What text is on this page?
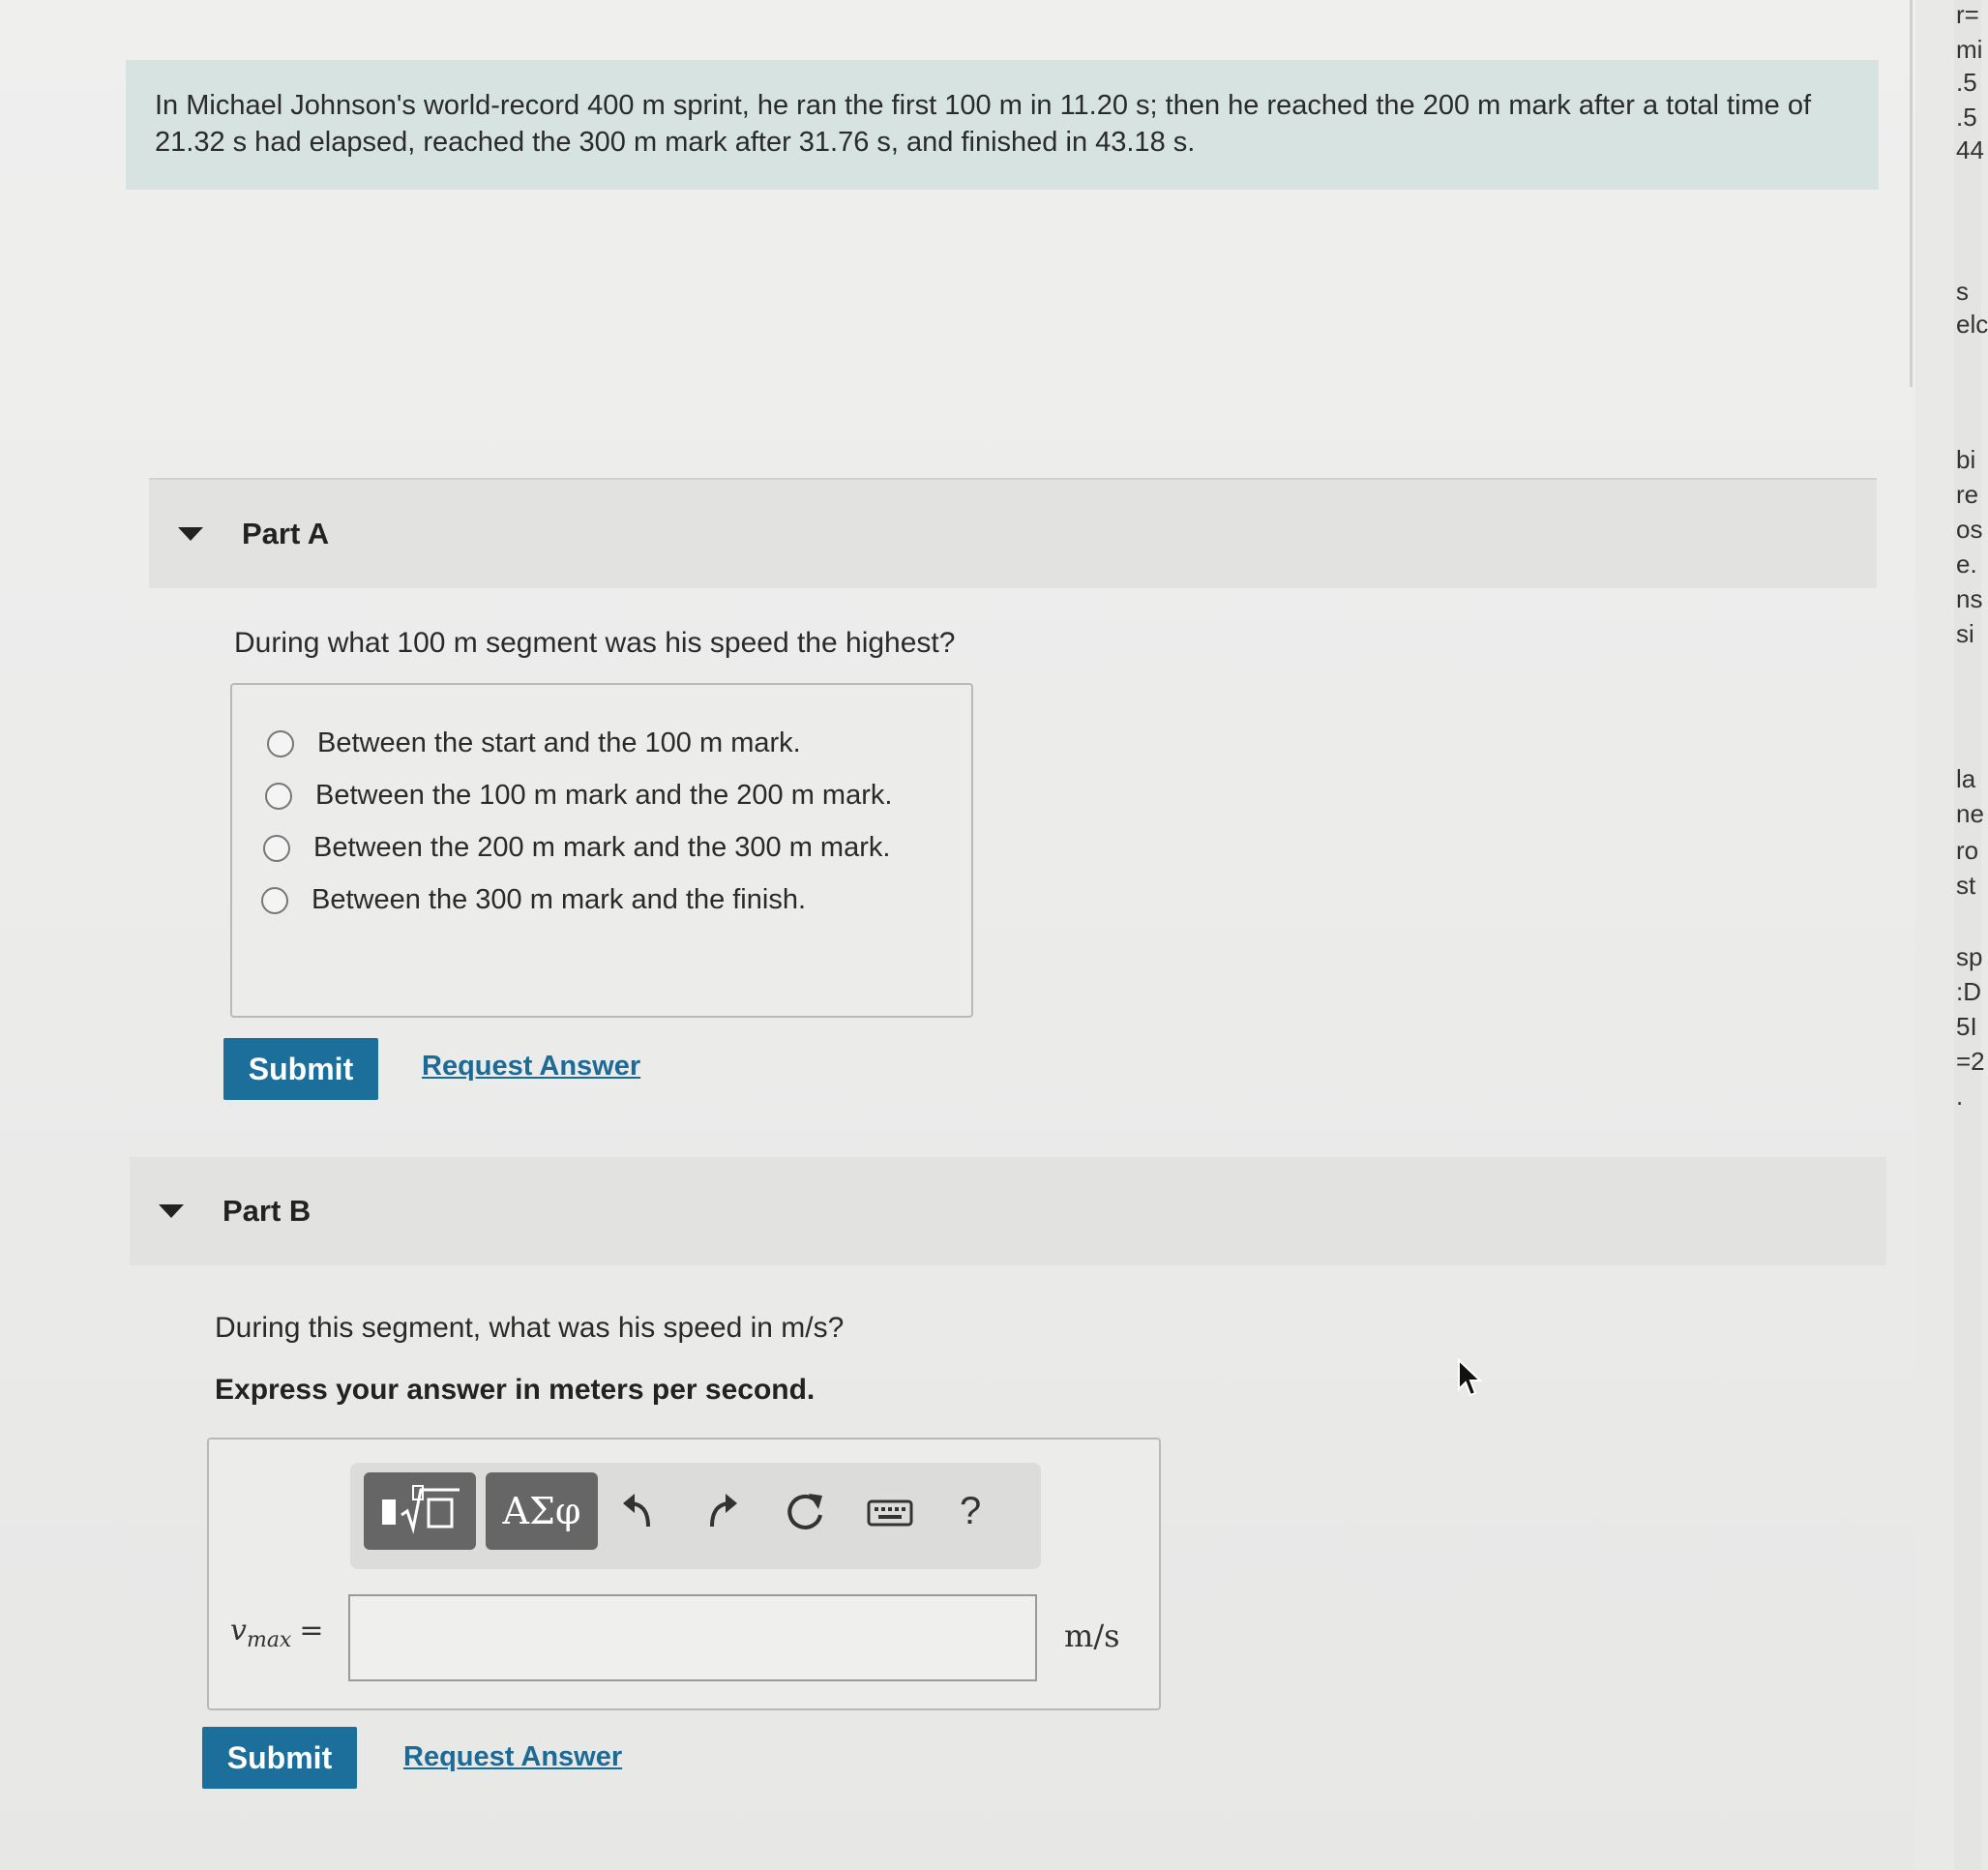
In Michael Johnson's world-record 400 m sprint, he ran the first 100 m in 11.20 s; then he reached the 200 m mark after a total time of 21.32 s had elapsed, reached the 300 m mark after 31.76 s, and finished in 43.18 s.
Part A
During what 100 m segment was his speed the highest?
Between the start and the 100 m mark.
Between the 100 m mark and the 200 m mark.
Between the 200 m mark and the 300 m mark.
Between the 300 m mark and the finish.
Submit	Request Answer
Part B
During this segment, what was his speed in m/s?
Express your answer in meters per second.
ΑΣφ	?
$v_{max}$ =	m/s
Submit	Request Answer
r=
mi
.5
.5
44
s
elc
bi
re
os
e.
ns
si
la
ne
ro
st
sp
:D
5I
=2
.
